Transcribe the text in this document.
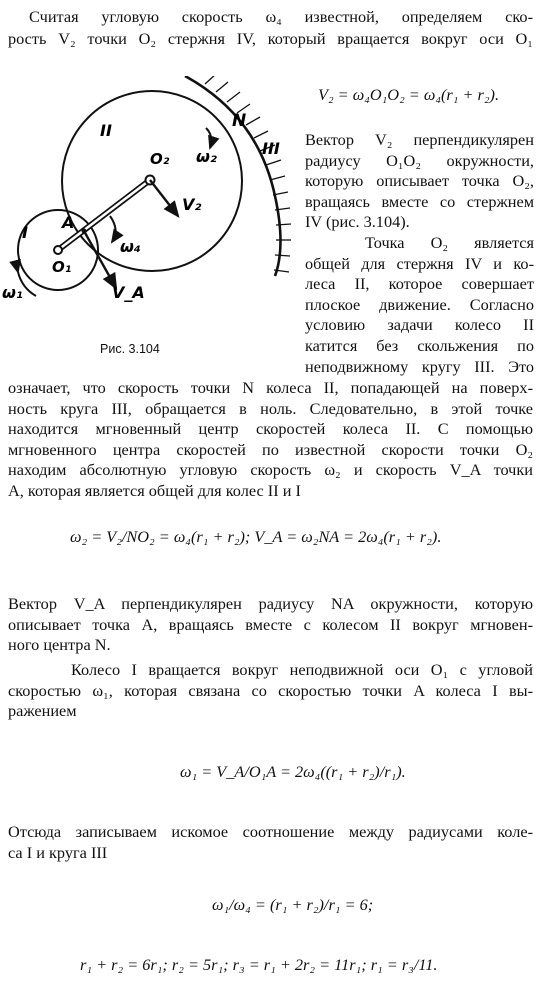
Считая угловую скорость ω₄ известной, определяем ско-
рость V₂ точки O₂ стержня IV, который вращается вокруг оси O₁
V₂ = ω₄O₁O₂ = ω₄(r₁ + r₂).
II
III
I
N
O₂
O₁
A
ω₂
ω₄
ω₁
V₂
V_A
Рис. 3.104
Вектор V₂ перпендикулярен
радиусу O₁O₂ окружности,
которую описывает точка O₂,
вращаясь вместе со стержнем
IV (рис. 3.104).
Точка O₂ является
общей для стержня IV и ко-
леса II, которое совершает
плоское движение. Согласно
условию задачи колесо II
катится без скольжения по
неподвижному кругу III. Это
означает, что скорость точки N колеса II, попадающей на поверх-
ность круга III, обращается в ноль. Следовательно, в этой точке
находится мгновенный центр скоростей колеса II. С помощью
мгновенного центра скоростей по известной скорости точки O₂
находим абсолютную угловую скорость ω₂ и скорость V_A точки
A, которая является общей для колес II и I
ω₂ = V₂/NO₂ = ω₄(r₁ + r₂); V_A = ω₂NA = 2ω₄(r₁ + r₂).
Вектор V_A перпендикулярен радиусу NA окружности, которую
описывает точка A, вращаясь вместе с колесом II вокруг мгновен-
ного центра N.
Колесо I вращается вокруг неподвижной оси O₁ с угловой
скоростью ω₁, которая связана со скоростью точки A колеса I вы-
ражением
ω₁ = V_A/O₁A = 2ω₄((r₁ + r₂)/r₁).
Отсюда записываем искомое соотношение между радиусами коле-
са I и круга III
ω₁/ω₄ = (r₁ + r₂)/r₁ = 6;
r₁ + r₂ = 6r₁; r₂ = 5r₁; r₃ = r₁ + 2r₂ = 11r₁; r₁ = r₃/11.
